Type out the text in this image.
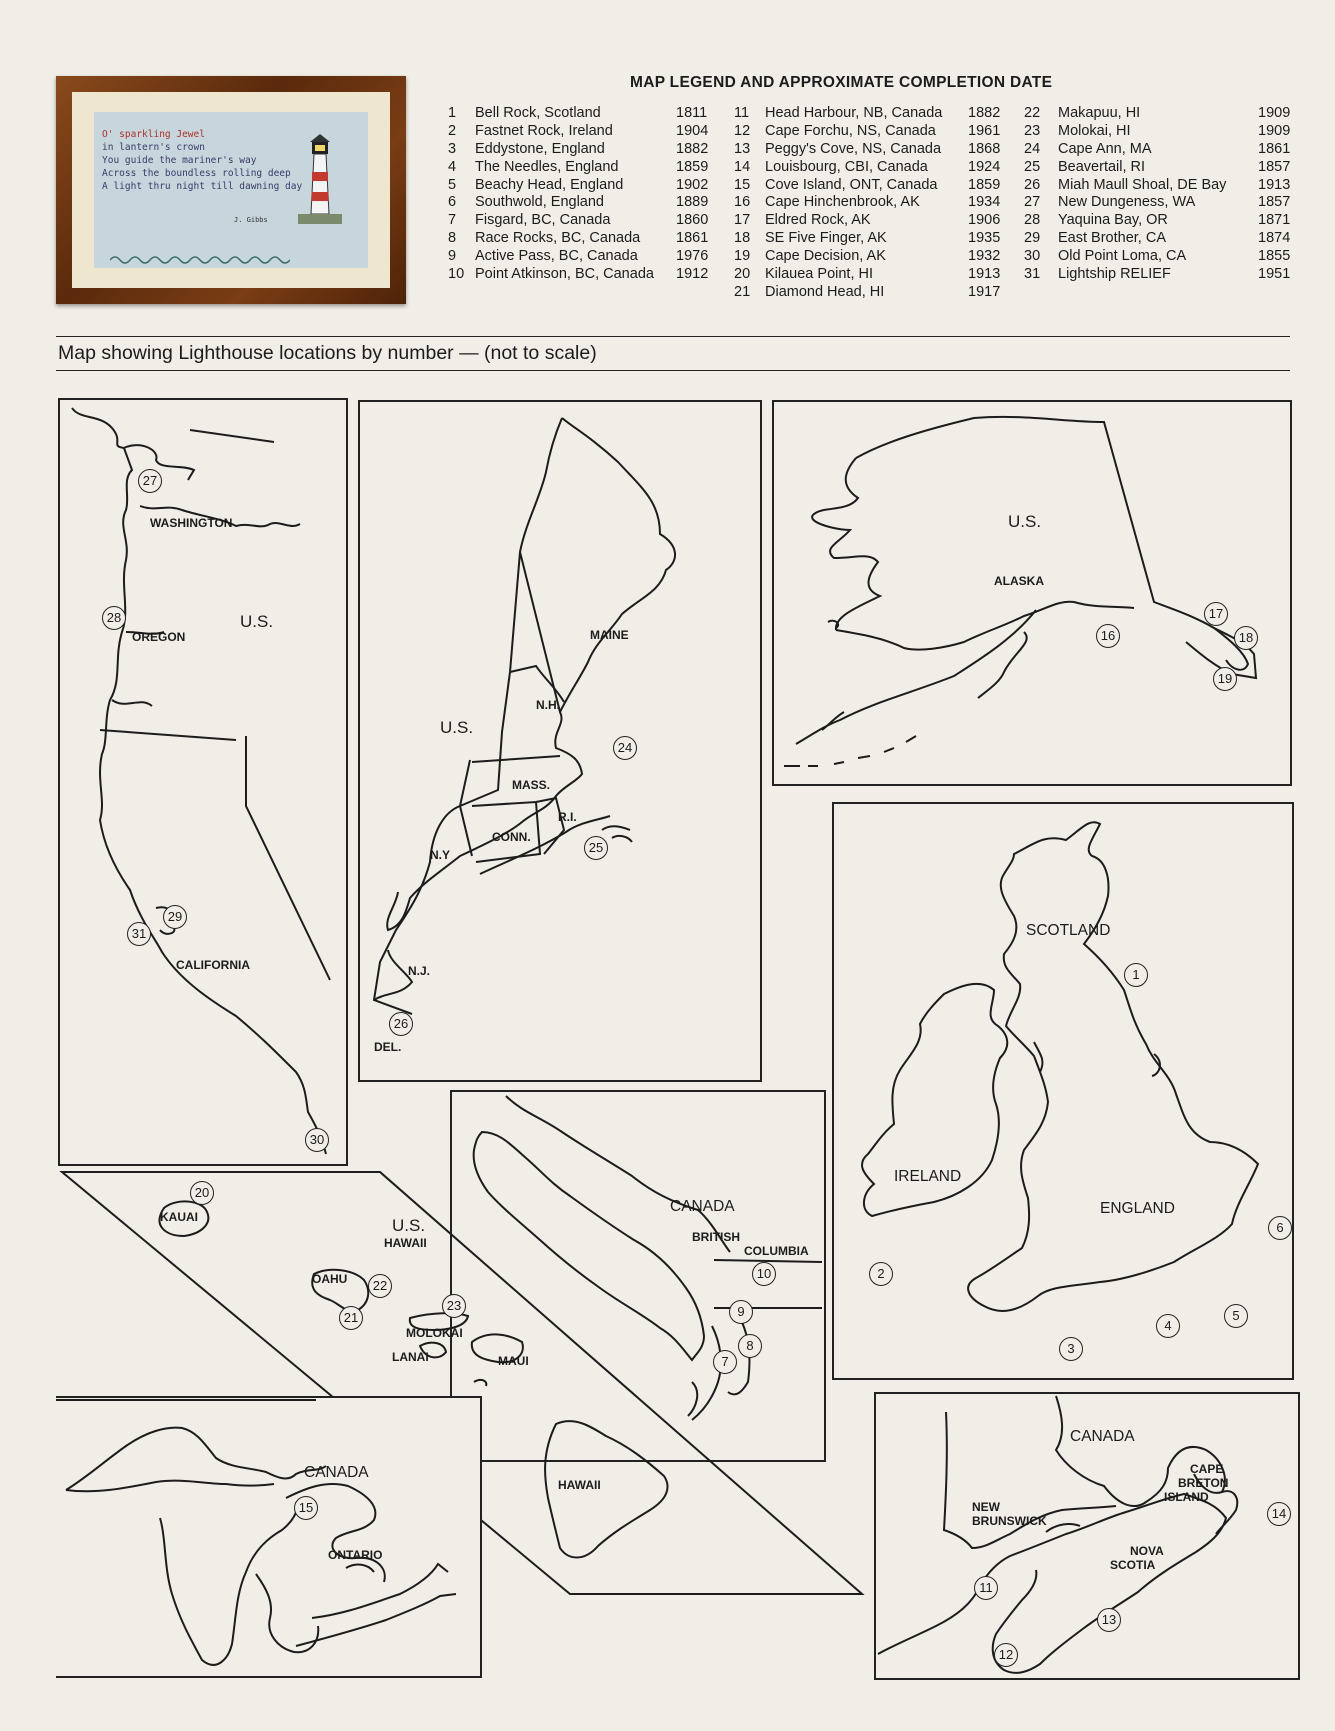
O' sparkling Jewel
in lantern's crown
You guide the mariner's way
Across the boundless rolling deep
A light thru night till dawning day
J. Gibbs
MAP LEGEND AND APPROXIMATE COMPLETION DATE
1 Bell Rock, Scotland	1811
2 Fastnet Rock, Ireland	1904
3 Eddystone, England	1882
4 The Needles, England	1859
5 Beachy Head, England	1902
6 Southwold, England	1889
7 Fisgard, BC, Canada	1860
8 Race Rocks, BC, Canada 1861
9 Active Pass, BC, Canada	1976
10 Point Atkinson, BC, Canada 1912
11 Head Harbour, NB, Canada 1882
12 Cape Forchu, NS, Canada 1961
13 Peggy's Cove, NS, Canada 1868
14 Louisbourg, CBI, Canada	1924
15 Cove Island, ONT, Canada 1859
16 Cape Hinchenbrook, AK	1934
17 Eldred Rock, AK	1906
18 SE Five Finger, AK	1935
19 Cape Decision, AK	1932
20 Kilauea Point, HI	1913
21 Diamond Head, HI	1917
22 Makapuu, HI	1909
23 Molokai, HI	1909
24 Cape Ann, MA	1861
25 Beavertail, RI	1857
26 Miah Maull Shoal, DE Bay 1913
27 New Dungeness, WA	1857
28 Yaquina Bay, OR	1871
29 East Brother, CA	1874
30 Old Point Loma, CA	1855
31 Lightship RELIEF	1951
Map showing Lighthouse locations by number — (not to scale)
WASHINGTON
OREGON
U.S.
CALIFORNIA
MAINE
N.H.
U.S.
MASS.
CONN.
R.I.
N.Y
N.J.
DEL.
U.S.
ALASKA
SCOTLAND
IRELAND
ENGLAND
CANADA
BRITISH
COLUMBIA
U.S.
HAWAII
KAUAI
OAHU
MOLOKAI
LANAI	MAUI
HAWAII
CANADA
ONTARIO
CANADA
CAPE
BRETON
ISLAND
NEW
BRUNSWICK
NOVA
SCOTIA
1
2
3
4
5
6
7
8
9
10
11
12
13
14
15
16
17
18
19
20
21
22
23
24
25
26
27
28
29
30
31
